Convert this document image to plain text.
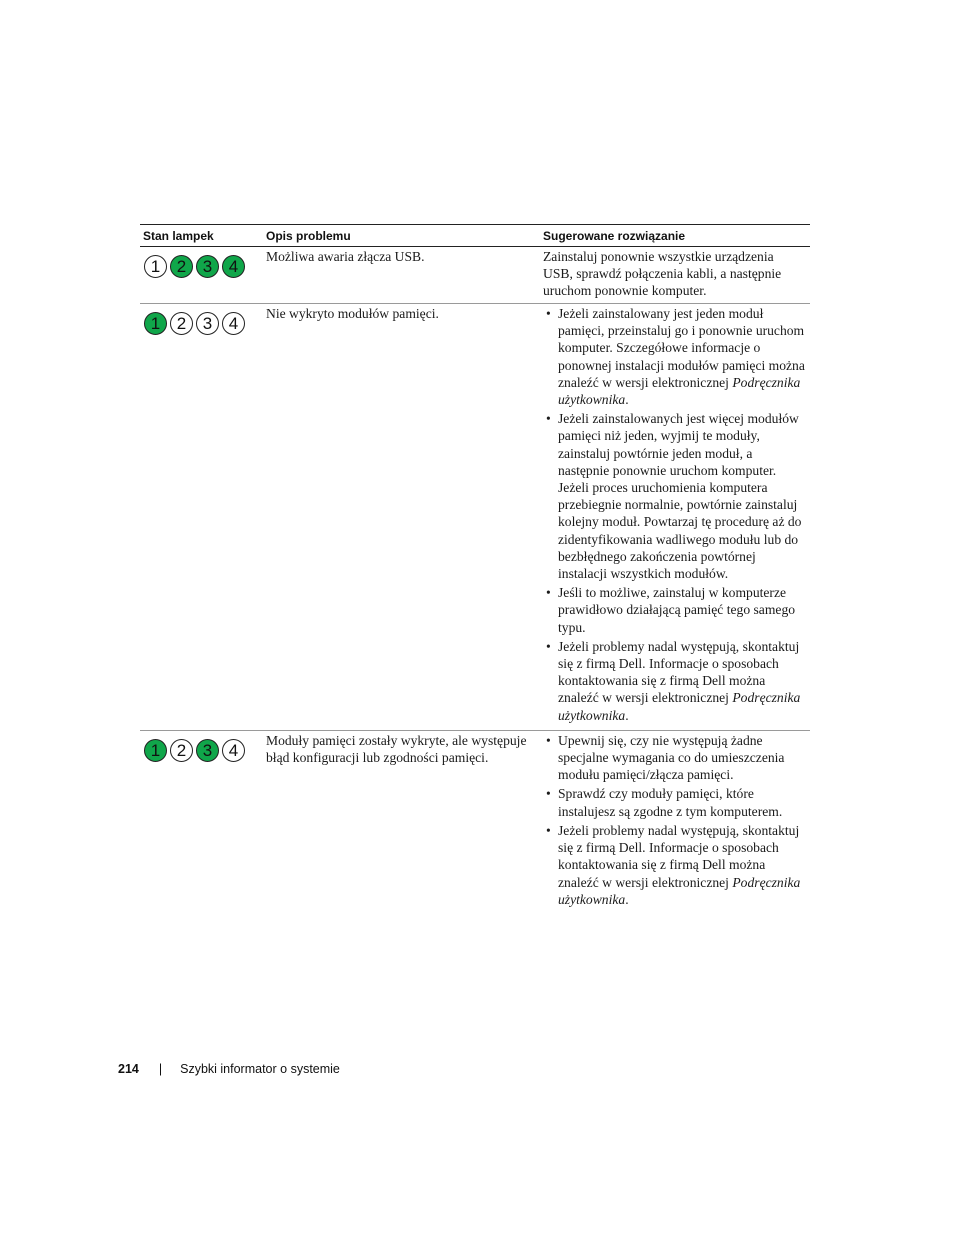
Stan lampek	Opis problemu	Sugerowane rozwiązanie
1 2 3 4
Możliwa awaria złącza USB.	Zainstaluj ponownie wszystkie urządzenia USB, sprawdź połączenia kabli, a następnie uruchom ponownie komputer.
1 2 3 4
Nie wykryto modułów pamięci.
•	Jeżeli zainstalowany jest jeden moduł pamięci, przeinstaluj go i ponownie uruchom komputer. Szczegółowe informacje o ponownej instalacji modułów pamięci można znaleźć w wersji elektronicznej Podręcznika użytkownika.
• Jeżeli zainstalowanych jest więcej modułów pamięci niż jeden, wyjmij te moduły, zainstaluj powtórnie jeden moduł, a następnie ponownie uruchom komputer. Jeżeli proces uruchomienia komputera przebiegnie normalnie, powtórnie zainstaluj kolejny moduł. Powtarzaj tę procedurę aż do zidentyfikowania wadliwego modułu lub do bezbłędnego zakończenia powtórnej instalacji wszystkich modułów.
• Jeśli to możliwe, zainstaluj w komputerze prawidłowo działającą pamięć tego samego typu.
• Jeżeli problemy nadal występują, skontaktuj się z firmą Dell. Informacje o sposobach kontaktowania się z firmą Dell można znaleźć w wersji elektronicznej Podręcznika użytkownika.
1 2 3 4
Moduły pamięci zostały wykryte, ale występuje błąd konfiguracji lub zgodności pamięci.
• Upewnij się, czy nie występują żadne specjalne wymagania co do umieszczenia modułu pamięci/złącza pamięci.
• Sprawdź czy moduły pamięci, które instalujesz są zgodne z tym komputerem.
• Jeżeli problemy nadal występują, skontaktuj się z firmą Dell. Informacje o sposobach kontaktowania się z firmą Dell można znaleźć w wersji elektronicznej Podręcznika użytkownika.
214 | Szybki informator o systemie
